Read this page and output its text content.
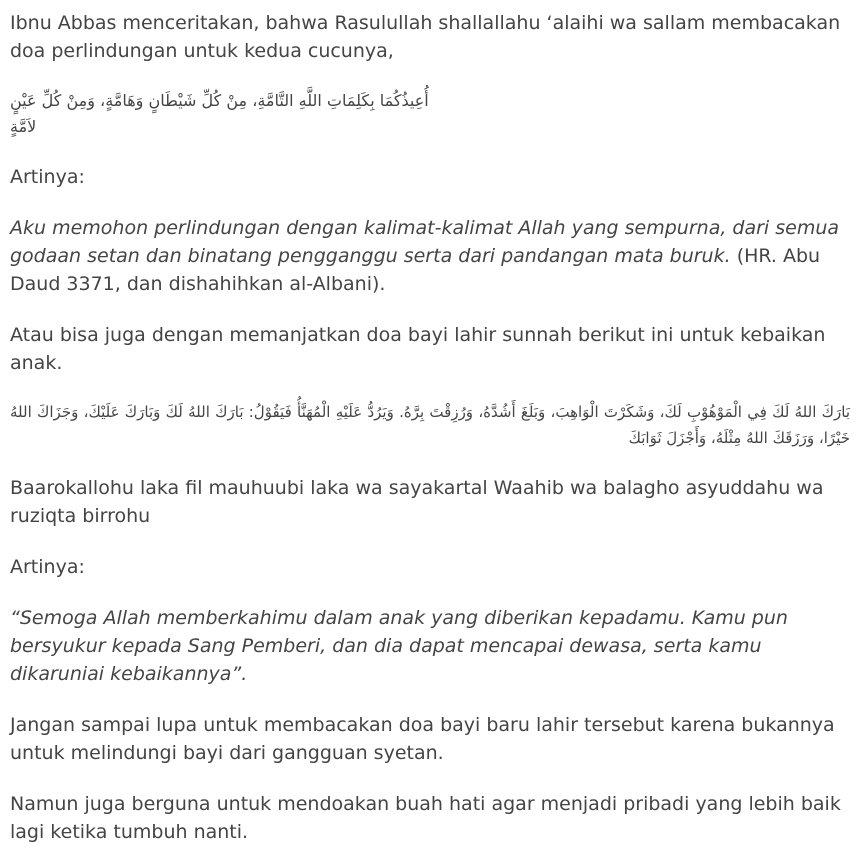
Ibnu Abbas menceritakan, bahwa Rasulullah shallallahu ‘alaihi wa sallam membacakan doa perlindungan untuk kedua cucunya,

أُعِيذُكُمَا بِكَلِمَاتِ اللَّهِ التَّامَّةِ، مِنْ كُلِّ شَيْطَانٍ وَهَامَّةٍ، وَمِنْ كُلِّ عَيْنٍ لاَمَّةٍ

Artinya:

Aku memohon perlindungan dengan kalimat-kalimat Allah yang sempurna, dari semua godaan setan dan binatang pengganggu serta dari pandangan mata buruk. (HR. Abu Daud 3371, dan dishahihkan al-Albani).

Atau bisa juga dengan memanjatkan doa bayi lahir sunnah berikut ini untuk kebaikan anak.

بَارَكَ اللهُ لَكَ فِي الْمَوْهُوْبِ لَكَ، وَشَكَرْتَ الْوَاهِبَ، وَبَلَغَ أَشُدَّهُ، وَرُزِقْتَ بِرَّهُ. وَيَرُدُّ عَلَيْهِ الْمُهَنَّأُ فَيَقُوْلُ: بَارَكَ اللهُ لَكَ وَبَارَكَ عَلَيْكَ، وَجَزَاكَ اللهُ خَيْرًا، وَرَزَقَكَ اللهُ مِثْلَهُ، وَأَجْزَلَ ثَوَابَكَ

Baarokallohu laka fil mauhuubi laka wa sayakartal Waahib wa balagho asyuddahu wa ruziqta birrohu

Artinya:

“Semoga Allah memberkahimu dalam anak yang diberikan kepadamu. Kamu pun bersyukur kepada Sang Pemberi, dan dia dapat mencapai dewasa, serta kamu dikaruniai kebaikannya”.

Jangan sampai lupa untuk membacakan doa bayi baru lahir tersebut karena bukannya untuk melindungi bayi dari gangguan syetan.

Namun juga berguna untuk mendoakan buah hati agar menjadi pribadi yang lebih baik lagi ketika tumbuh nanti.
